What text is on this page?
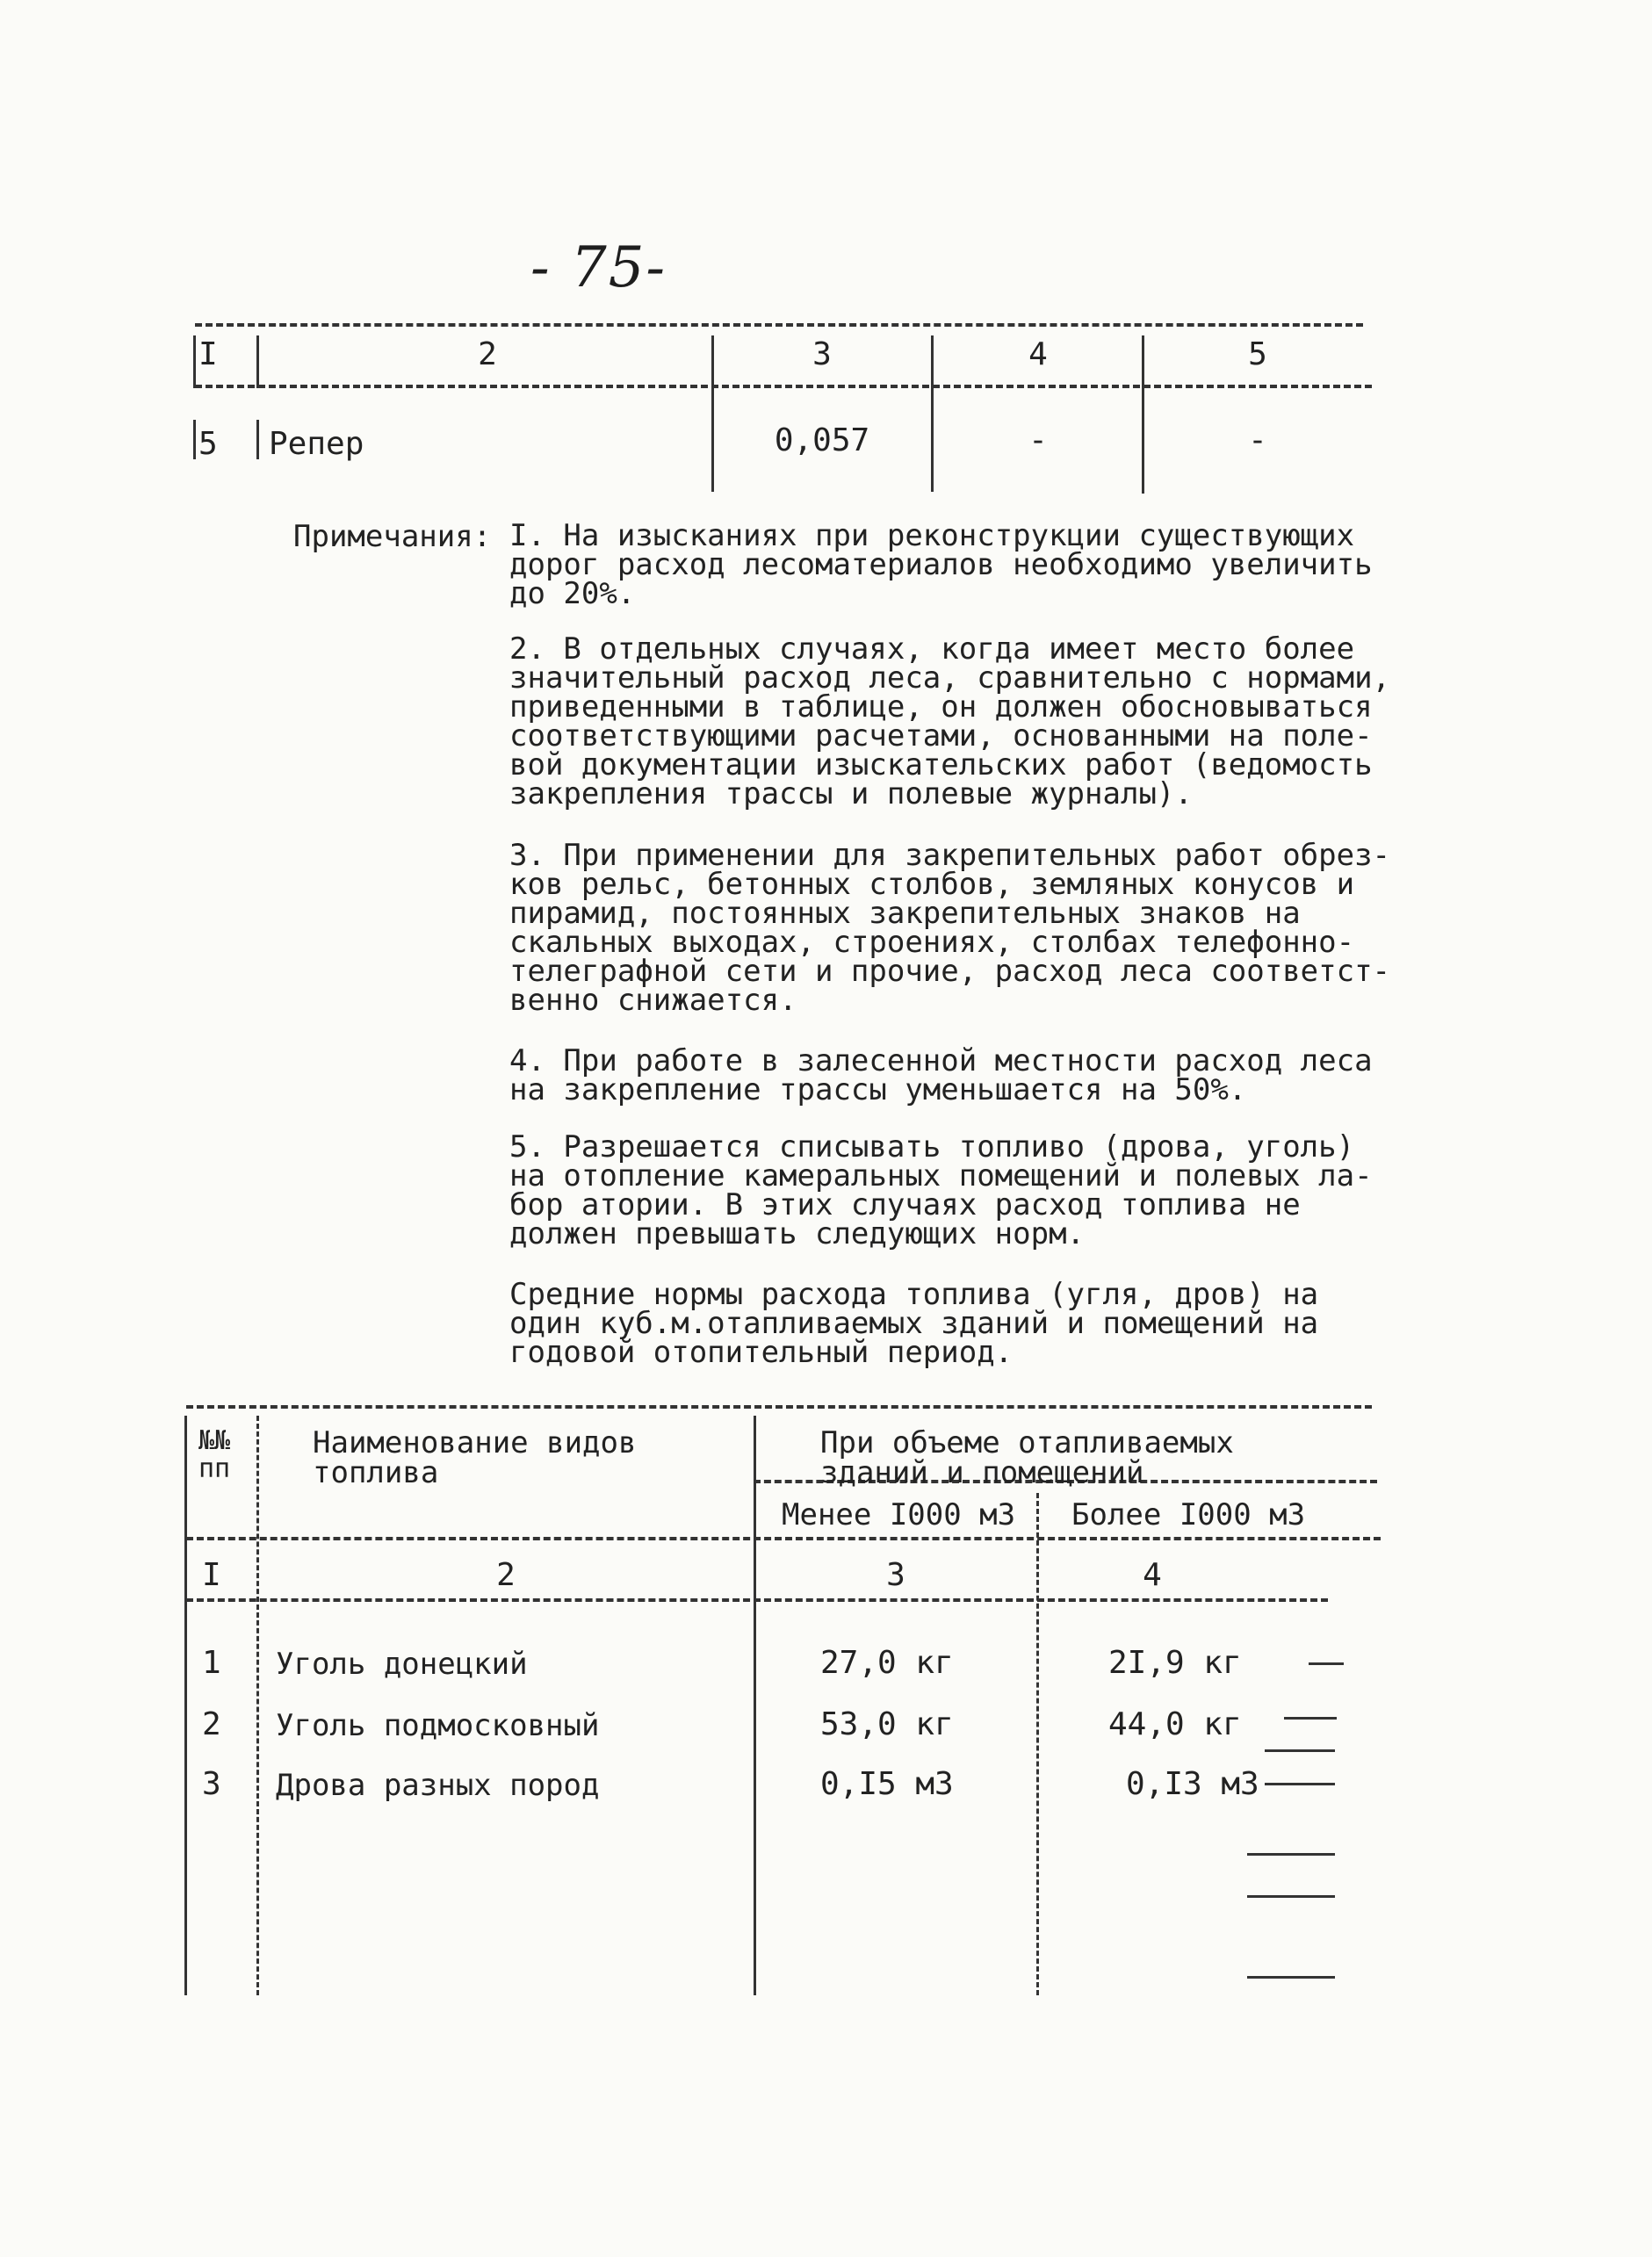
- 75-
I	2	3	4	5
5 Репер	0,057	-	-
Примечания: I. На изысканиях при реконструкции существующих

дорог расход лесоматериалов необходимо увеличить

до 20%.

2. В отдельных случаях, когда имеет место более

значительный расход леса, сравнительно с нормами,

приведенными в таблице, он должен обосновываться

соответствующими расчетами, основанными на поле-

вой документации изыскательских работ (ведомость

закрепления трассы и полевые журналы).

3. При применении для закрепительных работ обрез-

ков рельс, бетонных столбов, земляных конусов и

пирамид, постоянных закрепительных знаков на

скальных выходах, строениях, столбах телефонно-

телеграфной сети и прочие, расход леса соответст-

венно снижается.

4. При работе в залесенной местности расход леса

на закрепление трассы уменьшается на 50%.

5. Разрешается списывать топливо (дрова, уголь)

на отопление камеральных помещений и полевых ла-

боp атории. В этих случаях расход топлива не

должен превышать следующих норм.

Средние нормы расхода топлива (угля, дров) на

один куб.м.отапливаемых зданий и помещений на

годовой отопительный период.

№№
пп
Наименование видов
топлива
При объеме отапливаемых
зданий и помещений
Менее I000 м3 Более I000 м3
I	2	3	4
1 Уголь донецкий	27,0 кг	2I,9 кг
2 Уголь подмосковный	53,0 кг	44,0 кг
3 Дрова разных пород	0,I5 м3	0,I3 м3
